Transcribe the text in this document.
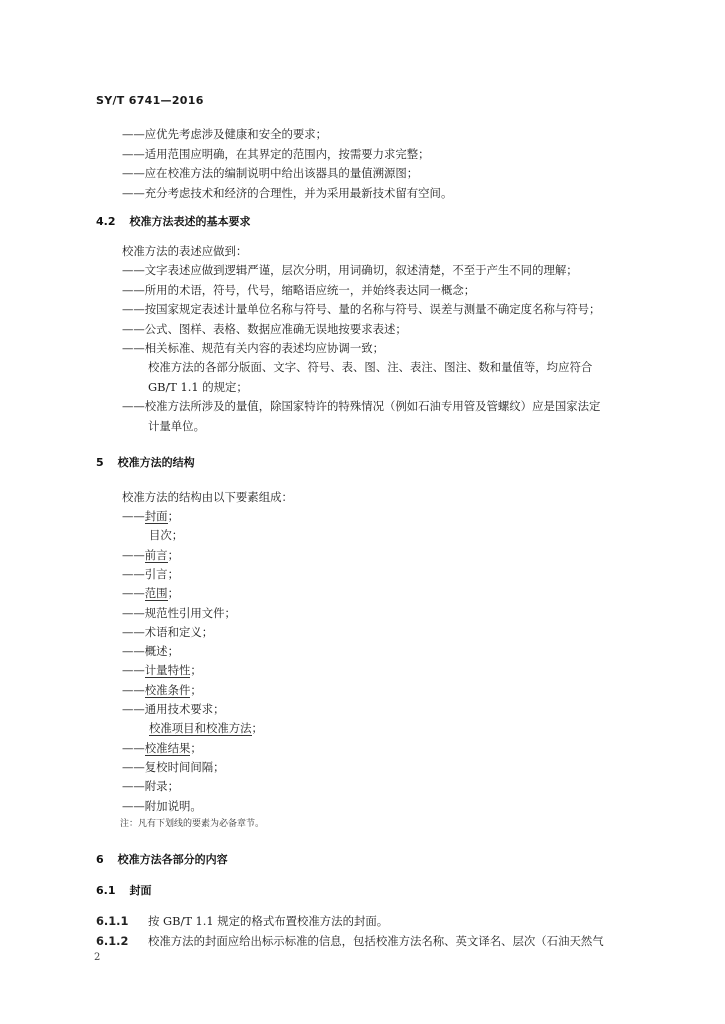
SY/T 6741—2016
——应优先考虑涉及健康和安全的要求；
——适用范围应明确，在其界定的范围内，按需要力求完整；
——应在校准方法的编制说明中给出该器具的量值溯源图；
——充分考虑技术和经济的合理性，并为采用最新技术留有空间。
4.2 校准方法表述的基本要求
校准方法的表述应做到：
——文字表述应做到逻辑严谨，层次分明，用词确切，叙述清楚，不至于产生不同的理解；
——所用的术语，符号，代号，缩略语应统一，并始终表达同一概念；
——按国家规定表述计量单位名称与符号、量的名称与符号、误差与测量不确定度名称与符号；
——公式、图样、表格、数据应准确无误地按要求表述；
——相关标准、规范有关内容的表述均应协调一致；
校准方法的各部分版面、文字、符号、表、图、注、表注、图注、数和量值等，均应符合
GB/T 1.1 的规定；
——校准方法所涉及的量值，除国家特许的特殊情况（例如石油专用管及管螺纹）应是国家法定
计量单位。
5 校准方法的结构
校准方法的结构由以下要素组成：
——封面；
目次；
——前言；
——引言；
——范围；
——规范性引用文件；
——术语和定义；
——概述；
——计量特性；
——校准条件；
——通用技术要求；
校准项目和校准方法；
——校准结果；
——复校时间间隔；
——附录；
——附加说明。
注：凡有下划线的要素为必备章节。
6 校准方法各部分的内容
6.1 封面
6.1.1 按 GB/T 1.1 规定的格式布置校准方法的封面。
6.1.2 校准方法的封面应给出标示标准的信息，包括校准方法名称、英文译名、层次（石油天然气
2
